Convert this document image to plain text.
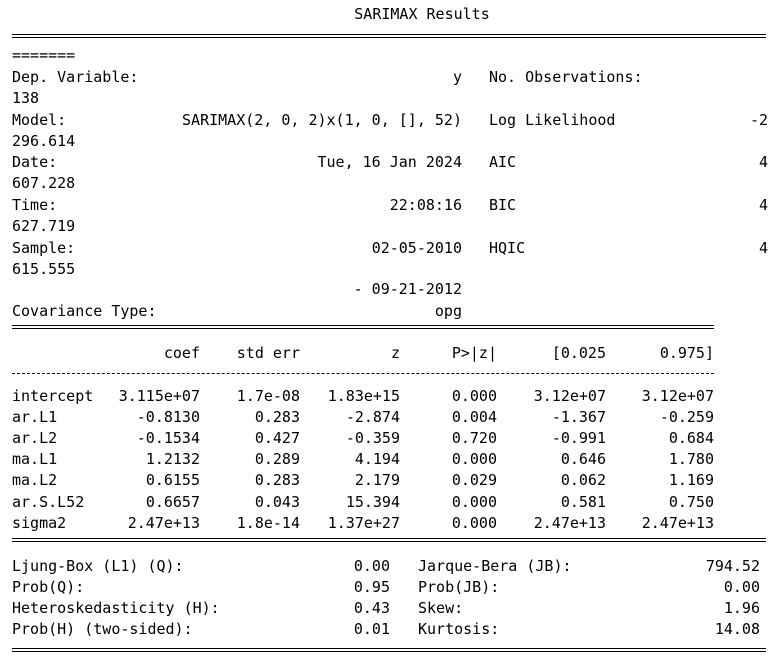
SARIMAX Results
=======
Dep. Variable:	y No. Observations:
138
Model:	SARIMAX(2, 0, 2)x(1, 0, [], 52) Log Likelihood	-2
296.614
Date:	Tue, 16 Jan 2024 AIC	4
607.228
Time:	22:08:16 BIC	4
627.719
Sample:	02-05-2010 HQIC	4
615.555
- 09-21-2012
Covariance Type:	opg
coef	std err	z	P>|z|	[0.025	0.975]
intercept	3.115e+07	1.7e-08	1.83e+15	0.000	3.12e+07	3.12e+07
ar.L1	-0.8130	0.283	-2.874	0.004	-1.367	-0.259
ar.L2	-0.1534	0.427	-0.359	0.720	-0.991	0.684
ma.L1	1.2132	0.289	4.194	0.000	0.646	1.780
ma.L2	0.6155	0.283	2.179	0.029	0.062	1.169
ar.S.L52	0.6657	0.043	15.394	0.000	0.581	0.750
sigma2	2.47e+13	1.8e-14	1.37e+27	0.000	2.47e+13	2.47e+13
Ljung-Box (L1) (Q):	0.00 Jarque-Bera (JB):	794.52
Prob(Q):	0.95 Prob(JB):	0.00
Heteroskedasticity (H):	0.43 Skew:	1.96
Prob(H) (two-sided):	0.01 Kurtosis:	14.08
